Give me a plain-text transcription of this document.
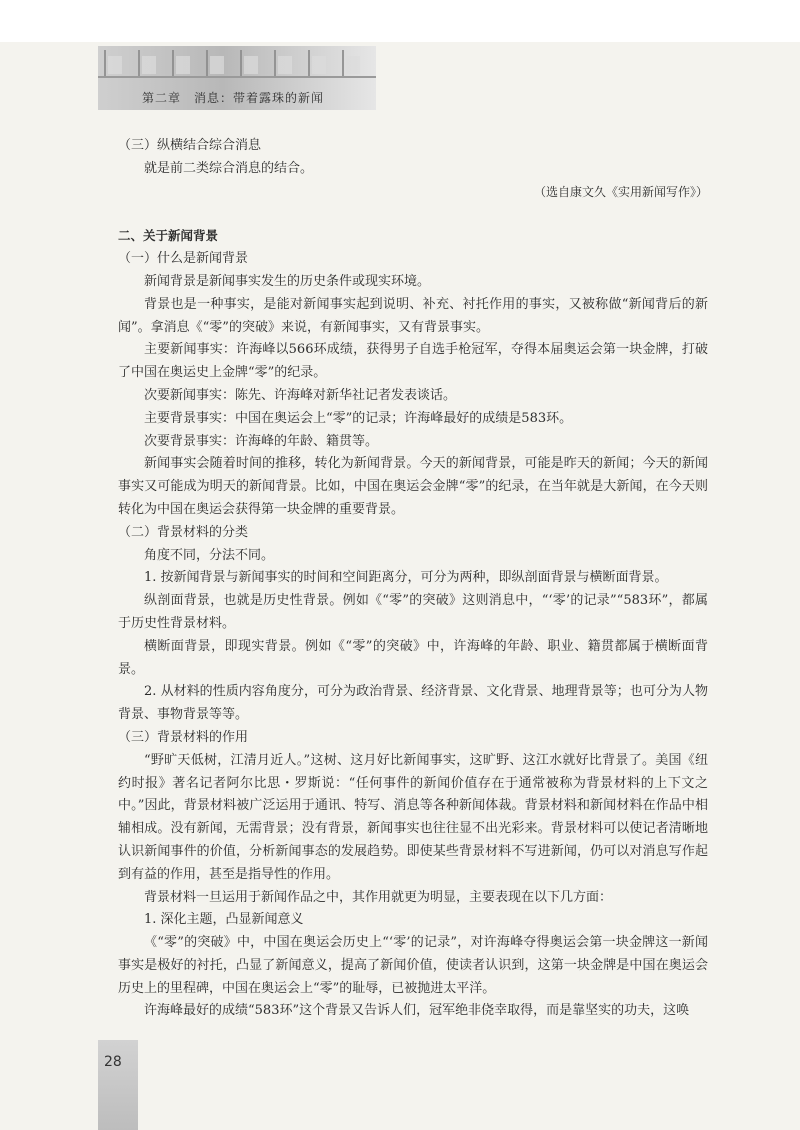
第二章　消息：带着露珠的新闻

（三）纵横结合综合消息

就是前二类综合消息的结合。

（选自康文久《实用新闻写作》）

二、关于新闻背景

（一）什么是新闻背景

新闻背景是新闻事实发生的历史条件或现实环境。

背景也是一种事实，是能对新闻事实起到说明、补充、衬托作用的事实，又被称做“新闻背后的新闻”。拿消息《“零”的突破》来说，有新闻事实，又有背景事实。

主要新闻事实：许海峰以566环成绩，获得男子自选手枪冠军，夺得本届奥运会第一块金牌，打破了中国在奥运史上金牌“零”的纪录。

次要新闻事实：陈先、许海峰对新华社记者发表谈话。

主要背景事实：中国在奥运会上“零”的记录；许海峰最好的成绩是583环。

次要背景事实：许海峰的年龄、籍贯等。

新闻事实会随着时间的推移，转化为新闻背景。今天的新闻背景，可能是昨天的新闻；今天的新闻事实又可能成为明天的新闻背景。比如，中国在奥运会金牌“零”的纪录，在当年就是大新闻，在今天则转化为中国在奥运会获得第一块金牌的重要背景。

（二）背景材料的分类

角度不同，分法不同。

1. 按新闻背景与新闻事实的时间和空间距离分，可分为两种，即纵剖面背景与横断面背景。

纵剖面背景，也就是历史性背景。例如《“零”的突破》这则消息中，“‘零’的记录”“583环”，都属于历史性背景材料。

横断面背景，即现实背景。例如《“零”的突破》中，许海峰的年龄、职业、籍贯都属于横断面背景。

2. 从材料的性质内容角度分，可分为政治背景、经济背景、文化背景、地理背景等；也可分为人物背景、事物背景等等。

（三）背景材料的作用

“野旷天低树，江清月近人。”这树、这月好比新闻事实，这旷野、这江水就好比背景了。美国《纽约时报》著名记者阿尔比思・罗斯说：“任何事件的新闻价值存在于通常被称为背景材料的上下文之中。”因此，背景材料被广泛运用于通讯、特写、消息等各种新闻体裁。背景材料和新闻材料在作品中相辅相成。没有新闻，无需背景；没有背景，新闻事实也往往显不出光彩来。背景材料可以使记者清晰地认识新闻事件的价值，分析新闻事态的发展趋势。即使某些背景材料不写进新闻，仍可以对消息写作起到有益的作用，甚至是指导性的作用。

背景材料一旦运用于新闻作品之中，其作用就更为明显，主要表现在以下几方面：

1. 深化主题，凸显新闻意义

《“零”的突破》中，中国在奥运会历史上“‘零’的记录”，对许海峰夺得奥运会第一块金牌这一新闻事实是极好的衬托，凸显了新闻意义，提高了新闻价值，使读者认识到，这第一块金牌是中国在奥运会历史上的里程碑，中国在奥运会上“零”的耻辱，已被抛进太平洋。

许海峰最好的成绩“583环”这个背景又告诉人们，冠军绝非侥幸取得，而是靠坚实的功夫，这唤

28
